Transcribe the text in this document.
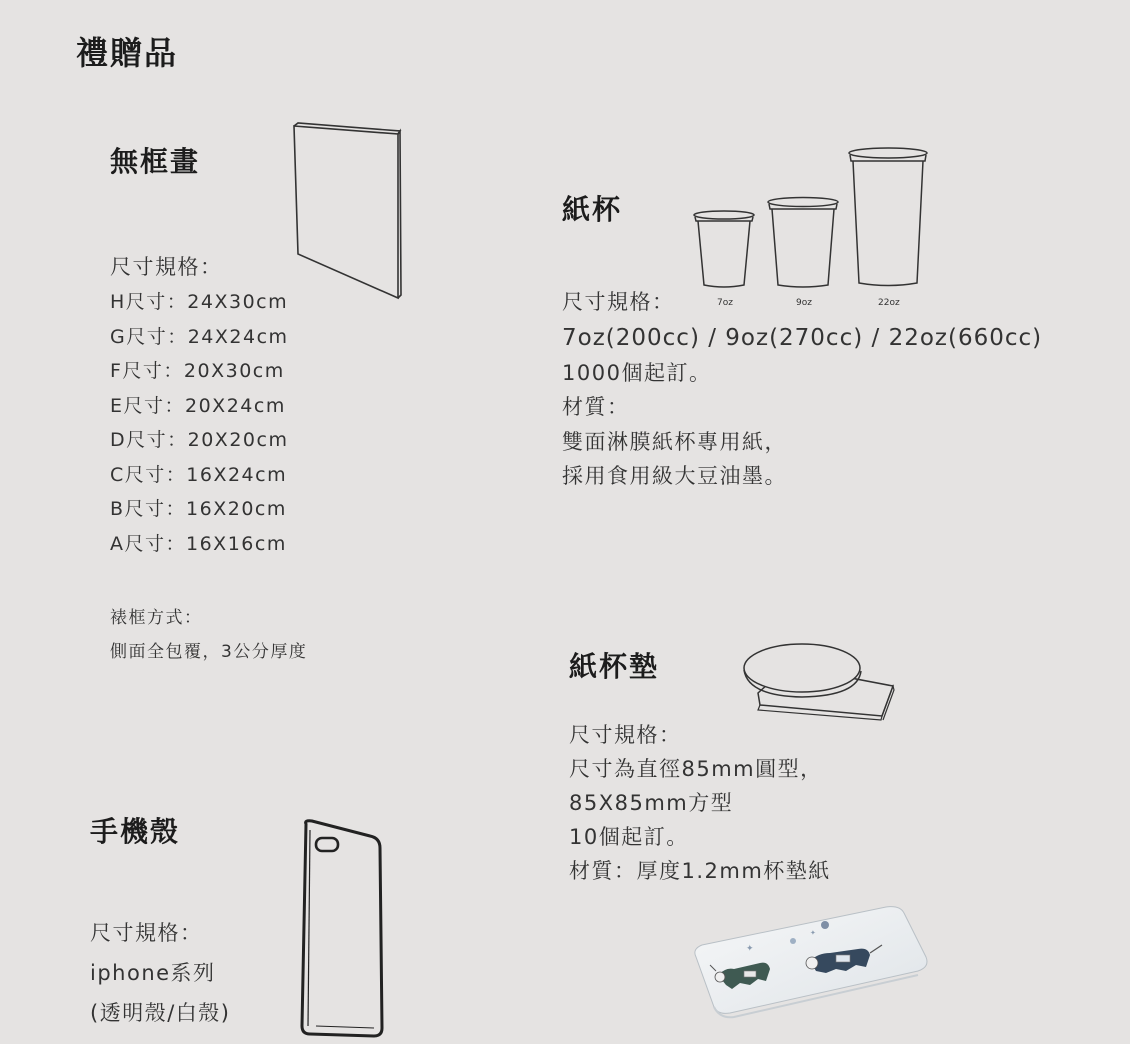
禮贈品
無框畫
尺寸規格：
H尺寸：24X30cm
G尺寸：24X24cm
F尺寸：20X30cm
E尺寸：20X24cm
D尺寸：20X20cm
C尺寸：16X24cm
B尺寸：16X20cm
A尺寸：16X16cm
裱框方式：
側面全包覆，3公分厚度
紙杯
7oz	9oz	22oz
尺寸規格：
7oz(200cc) / 9oz(270cc) / 22oz(660cc)
1000個起訂。
材質：
雙面淋膜紙杯專用紙，
採用食用級大豆油墨。
紙杯墊
尺寸規格：
尺寸為直徑85mm圓型，
85X85mm方型
10個起訂。
材質：厚度1.2mm杯墊紙
✦
✦
手機殼
尺寸規格：
iphone系列
(透明殼/白殼)
